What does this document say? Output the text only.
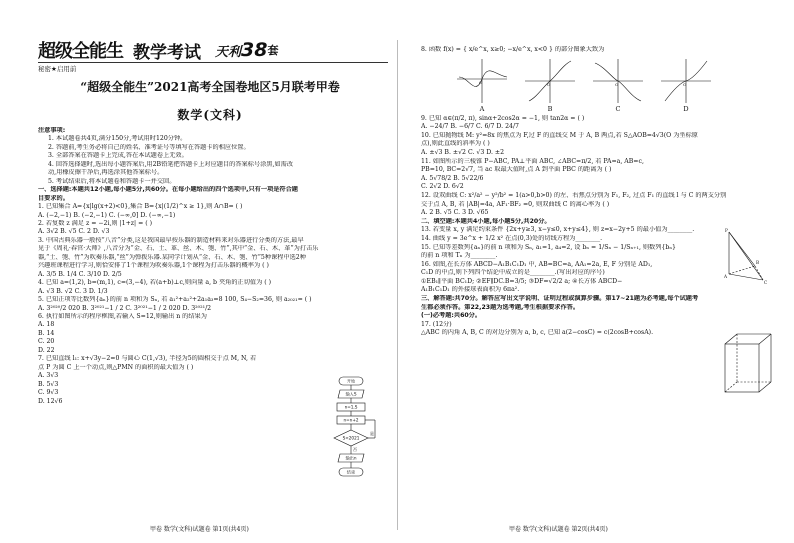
超级全能生 教学考试 天利 38 套
秘密★启用前
“超级全能生”2021高考全国卷地区5月联考甲卷
数学(文科)

注意事项:

1. 本试题卷共4页,满分150分,考试用时120分钟。

2. 答题前,考生务必将自己的姓名、准考证号等填写在答题卡的相应位置。

3. 全部答案在答题卡上完成,答在本试题卷上无效。

4. 回答选择题时,选出每小题答案后,用2B铅笔把答题卡上对应题目的答案标号涂黑,如需改

动,用橡皮擦干净后,再选涂其他答案标号。

5. 考试结束后,将本试题卷和答题卡一并交回。

一、选择题:本题共12小题,每小题5分,共60分。在每小题给出的四个选项中,只有一项是符合题

目要求的。

1. 已知集合 A={x|lg(x+2)<0},集合 B={x|(1/2)^x ≥ 1},则 A∩B= ( )

A. (−2,−1) B. (−2,−1) C. (−∞,0] D. (−∞,−1)

2. 若复数 z 满足 z = −2i,则 |1+z| = ( )

A. 3√2 B. √5 C. 2 D. √3

3. 中国古典乐器一般按“八音”分类,这是我国最早按乐器的制造材料来对乐器进行分类的方法,最早

见于《周礼·春官·大师》,八音分为“金、石、土、革、丝、木、匏、竹”,其中“金、石、木、革”为打击乐

器,“土、匏、竹”为吹奏乐器,“丝”为弹拨乐器.某同学计划从“金、石、木、匏、竹”5种课程中选2种

兴趣班课程进行学习,则恰安排了1个课程为吹奏乐器,1个课程为打击乐器的概率为 ( )

A. 3/5 B. 1/4 C. 3/10 D. 2/5

4. 已知 a=(1,2), b=(m,1), c=(3,−4), 若(a+b)⊥c,则向量 a, b 夹角的正切值为 ( )

A. √3 B. √2 C. 3 D. 1/3

5. 已知正项等比数列{aₙ}的前 n 项和为 Sₙ, 若 a₁²+a₂²+2a₁a₃=8 100, S₄−S₂=36, 则 a₂₀₂₁= ( )

A. 3²⁰²⁰/2 020 B. 3²⁰²¹−1 / 2 C. 3²⁰²¹−1 / 2 020 D. 3²⁰²¹/2

6. 执行如图所示的程序框图,若输入 S=12,则输出 n 的结果为

A. 18

B. 14

C. 20

D. 22

7. 已知直线 l₁: x+√3y−2=0 与圆心 C(1,√3), 半径为5的圆相交于点 M, N, 若

点 P 为圆 C 上一个动点,则△PMN 的面积的最大值为 ( )

A. 3√3

B. 5√3

C. 9√3

D. 12√6

开始
输入S
n=1,S
n=n+2
S<2021
输出n
结束
是
否
甲卷 数学(文科)试题卷 第1页(共4页)

8. 函数 f(x) = { x/e^x, x≥0; −x/e^x, x<0 } 的部分图象大致为

O
A
O
B
O
C
O
D

9. 已知 α∈(π/2, π), sinα+2cos2α = −1, 则 tan2α = ( )

A. −24/7 B. −6/7 C. 6/7 D. 24/7

10. 已知抛物线 M: y²=8x 的焦点为 F,过 F 的直线交 M 于 A, B 两点,若 S△AOB=4√3(O 为坐标原

点),则此直线的斜率为 ( )

A. ±√3 B. ±√2 C. √3 D. ±2

11. 如图所示的三棱锥 P−ABC, PA⊥平面 ABC, ∠ABC=π/2, 若 PA=a, AB=c,

PB=10, BC=2√7, 当 ac 取最大值时,点 A 到平面 PBC 的距离为 ( )

A. 5√78/2 B. 5√22/6

C. 2√2 D. 6√2

12. 设双曲线 C: x²/a² − y²/b² = 1(a>0,b>0) 的左、右焦点分别为 F₁, F₂, 过点 F₁ 的直线 l 与 C 的两支分别

交于点 A, B, 若 |AB|=4a, AF₁·BF₂ =0, 则双曲线 C 的离心率为 ( )

A. 2 B. √5 C. 3 D. √65

二、填空题:本题共4小题,每小题5分,共20分。

13. 若变量 x, y 满足约束条件 {2x+y≥3, x−y≤0, x+y≤4}, 则 z=x−2y+5 的最小值为________.

14. 曲线 y = 3e^x + 1/2 x² 在点(0,3)处的切线方程为________.

15. 已知等差数列{aₙ}的前 n 项和为 Sₙ, a₁=1, a₄=2, 设 bₙ = 1/Sₙ − 1/Sₙ₊₁, 则数列{bₙ}

的前 n 项和 Tₙ 为________.

16. 如图,在长方体 ABCD−A₁B₁C₁D₁ 中, AB=BC=a, AA₁=2a, E, F 分别是 AD₁,

C₁D 的中点,则下列四个结论中成立的是________.(写出对应的序号)

①EB₁∥平面 BC₁D; ②EF∥DC.B=3/5; ③DF=√2/2 a; ④长方体 ABCD−

A₁B₁C₁D₁ 的外接球表面积为 6πa².

三、解答题:共70分。解答应写出文字说明、证明过程或演算步骤。第17~21题为必考题,每个试题考

生都必须作答。第22,23题为选考题,考生根据要求作答。

(一)必考题:共60分。

17. (12分)

△ABC 的内角 A, B, C 的对边分别为 a, b, c, 已知 a(2−cosC) = c(2cosB+cosA).

P
A
B
C
甲卷 数学(文科)试题卷 第2页(共4页)
